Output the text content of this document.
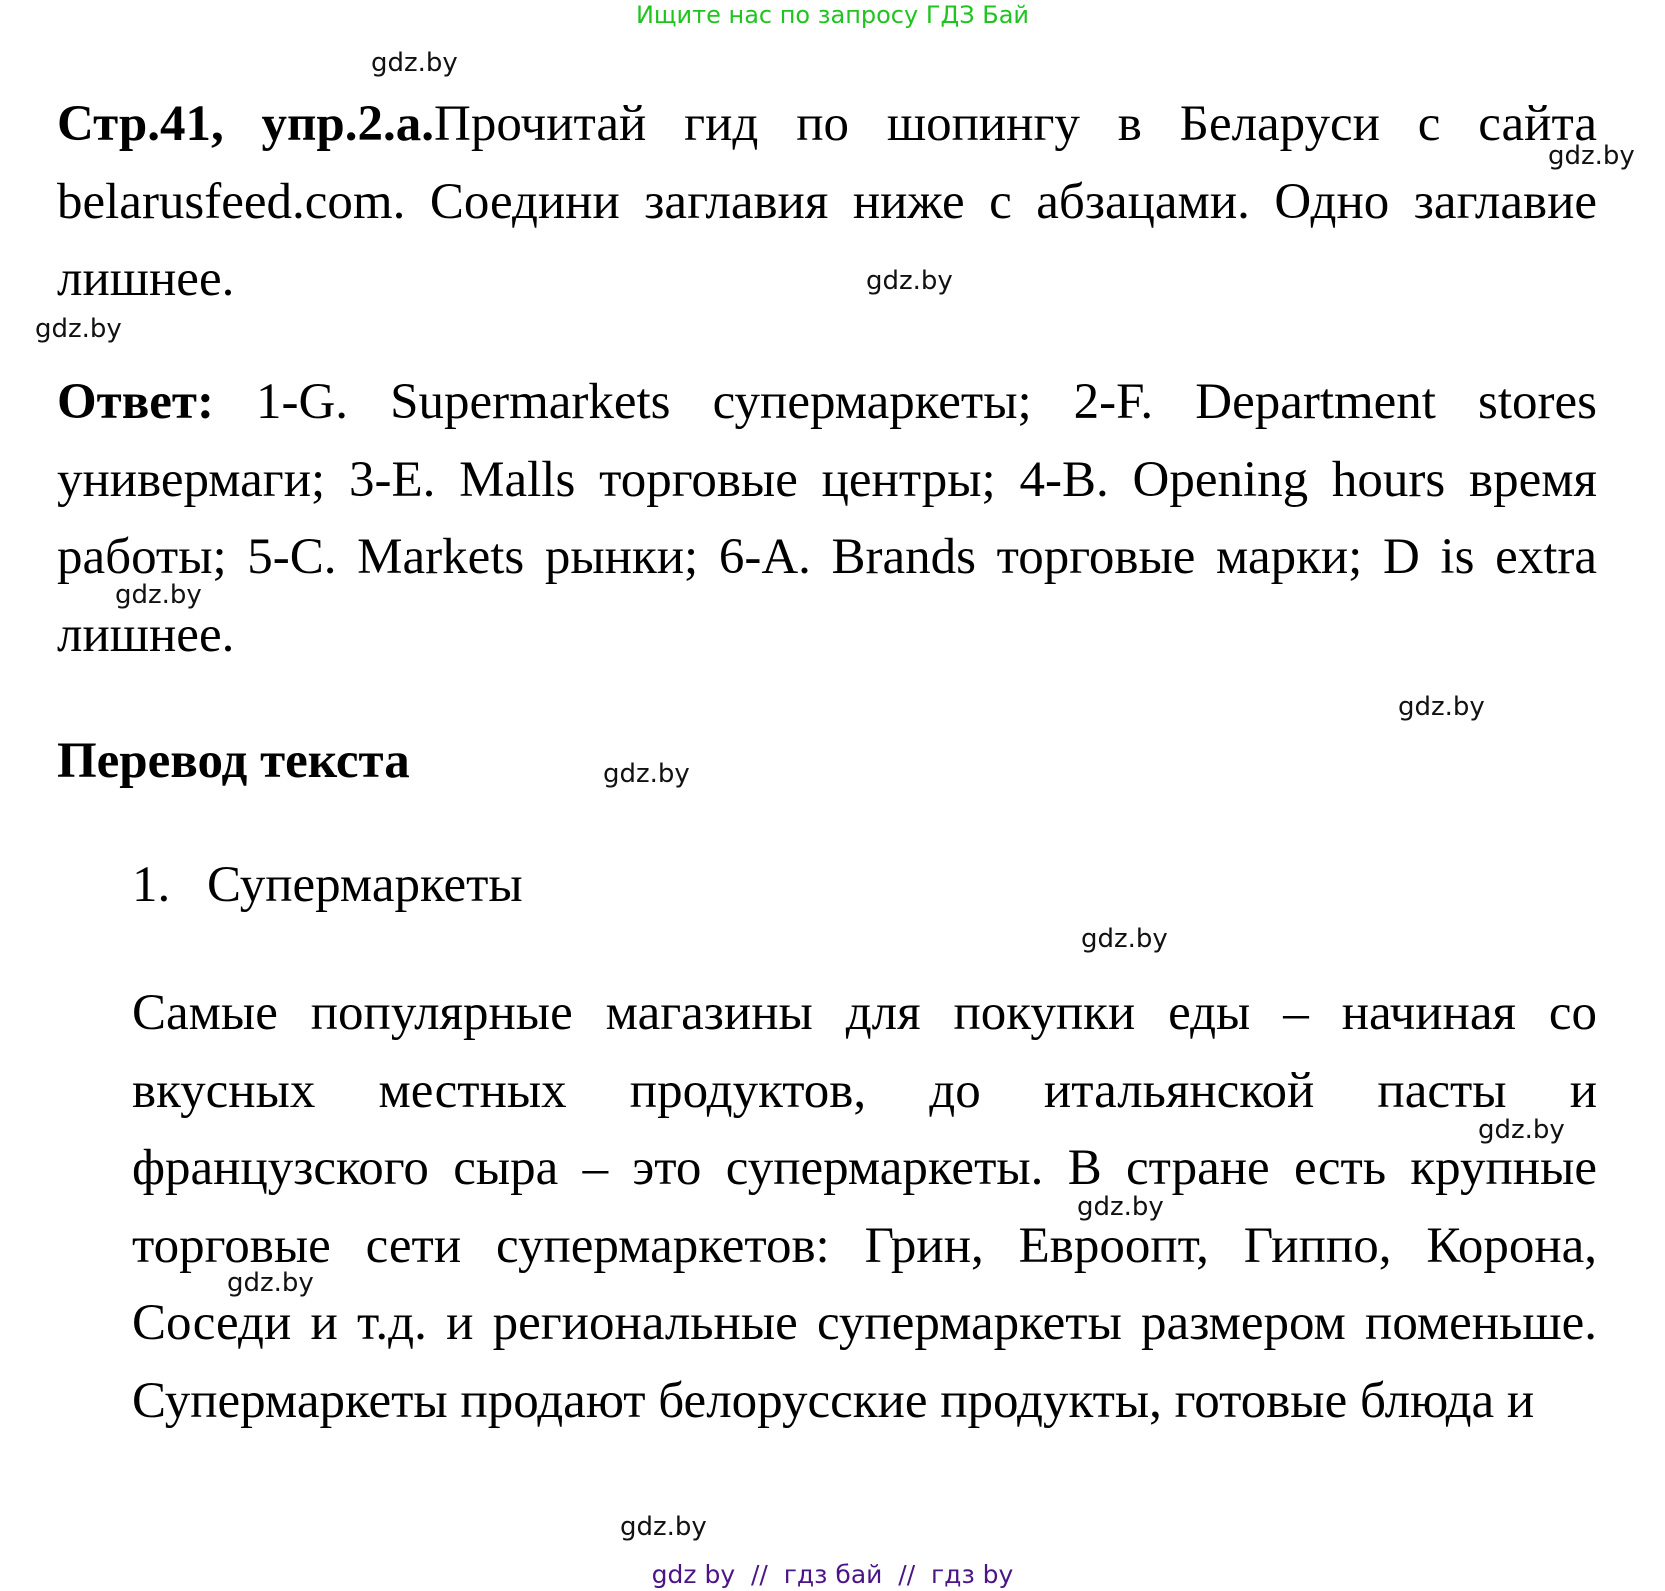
Ищите нас по запросу ГДЗ Бай
Стр.41, упр.2.а.Прочитай гид по шопингу в Беларуси с сайта belarusfeed.com. Соедини заглавия ниже с абзацами. Одно заглавие лишнее.
Ответ: 1-G. Supermarkets супермаркеты; 2-F. Department stores универмаги; 3-E. Malls торговые центры; 4-B. Opening hours время работы; 5-C. Markets рынки; 6-A. Brands торговые марки; D is extra лишнее.
Перевод текста
1. Супермаркеты
Самые популярные магазины для покупки еды – начиная со вкусных местных продуктов, до итальянской пасты и французского сыра – это супермаркеты. В стране есть крупные торговые сети супермаркетов: Грин, Евроопт, Гиппо, Корона, Соседи и т.д. и региональные супермаркеты размером поменьше. Супермаркеты продают белорусские продукты, готовые блюда и
gdz.by
gdz.by
gdz.by
gdz.by
gdz.by
gdz.by
gdz.by
gdz.by
gdz.by
gdz.by
gdz.by
gdz.by
gdz by  //  гдз бай  //  гдз by
